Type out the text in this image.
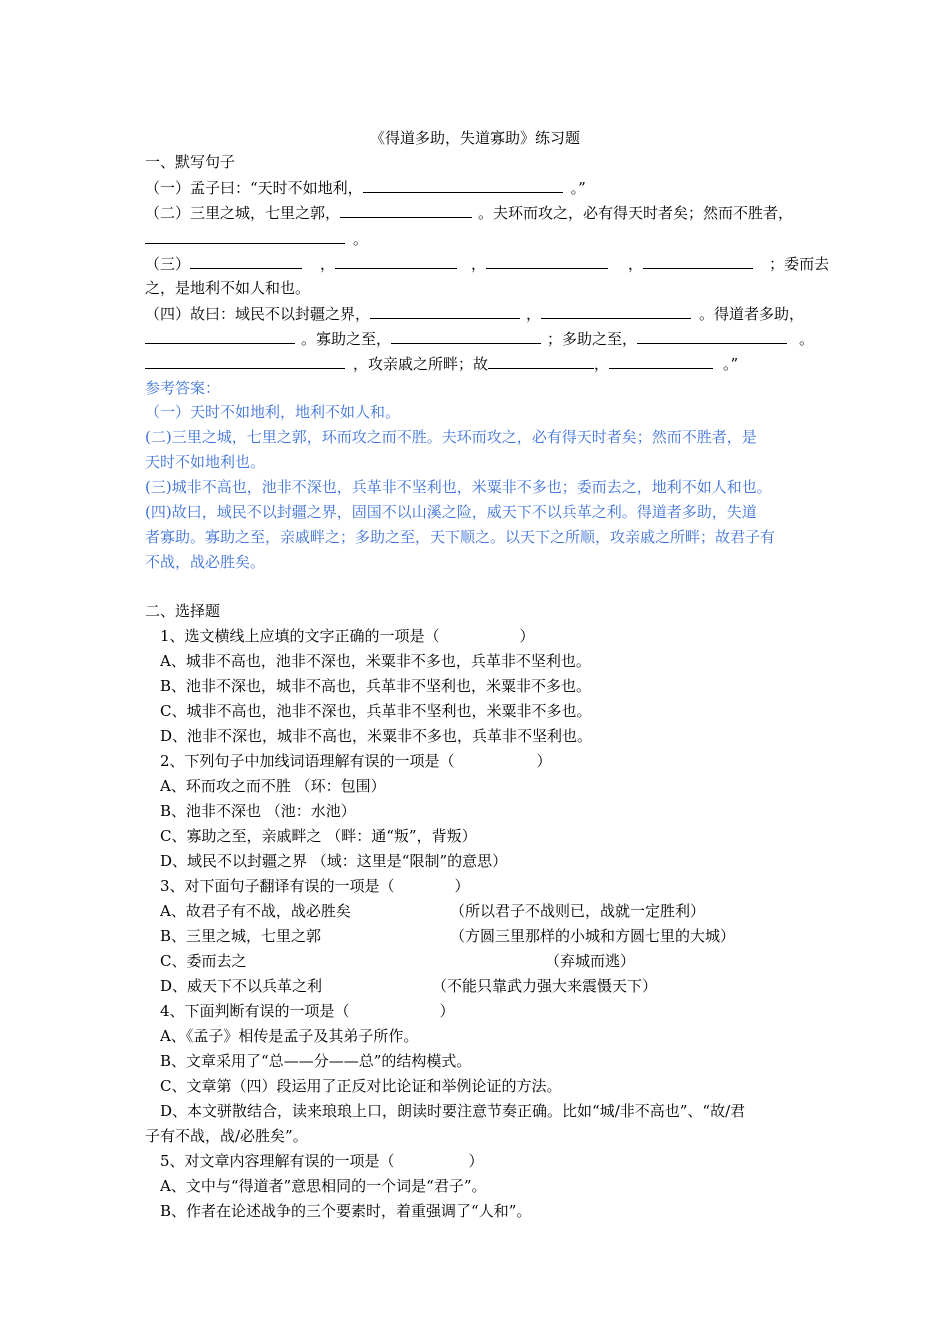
《得道多助，失道寡助》练习题
一、默写句子
（一）孟子曰：“天时不如地利，	。”
（二）三里之城，七里之郭，	。夫环而攻之，必有得天时者矣；然而不胜者，
。
（三）	，	，	，	；委而去
之，是地利不如人和也。
（四）故曰：域民不以封疆之界，	，	。得道者多助，
。寡助之至，	；多助之至，	。
，攻亲戚之所畔；故	，	。”
参考答案：
（一）天时不如地利，地利不如人和。
(二)三里之城，七里之郭，环而攻之而不胜。夫环而攻之，必有得天时者矣；然而不胜者，是
天时不如地利也。
(三)城非不高也，池非不深也，兵革非不坚利也，米粟非不多也；委而去之，地利不如人和也。
(四)故曰，域民不以封疆之界，固国不以山溪之险，威天下不以兵革之利。得道者多助，失道
者寡助。寡助之至，亲戚畔之；多助之至，天下顺之。以天下之所顺，攻亲戚之所畔；故君子有
不战，战必胜矣。
二、选择题
1、选文横线上应填的文字正确的一项是（	）
A、城非不高也，池非不深也，米粟非不多也，兵革非不坚利也。
B、池非不深也，城非不高也，兵革非不坚利也，米粟非不多也。
C、城非不高也，池非不深也，兵革非不坚利也，米粟非不多也。
D、池非不深也，城非不高也，米粟非不多也，兵革非不坚利也。
2、下列句子中加线词语理解有误的一项是（	）
A、环而攻之而不胜 （环：包围）
B、池非不深也 （池：水池）
C、寡助之至，亲戚畔之 （畔：通“叛”，背叛）
D、域民不以封疆之界 （域：这里是“限制”的意思）
3、对下面句子翻译有误的一项是（	）
A、故君子有不战，战必胜矣	（所以君子不战则已，战就一定胜利）
B、三里之城，七里之郭	（方圆三里那样的小城和方圆七里的大城）
C、委而去之	（弃城而逃）
D、威天下不以兵革之利	（不能只靠武力强大来震慑天下）
4、下面判断有误的一项是（	）
A、《孟子》相传是孟子及其弟子所作。
B、文章采用了“总——分——总”的结构模式。
C、文章第（四）段运用了正反对比论证和举例论证的方法。
D、本文骈散结合，读来琅琅上口，朗读时要注意节奏正确。比如“城/非不高也”、“故/君
子有不战，战/必胜矣”。
5、对文章内容理解有误的一项是（	）
A、文中与“得道者”意思相同的一个词是“君子”。
B、作者在论述战争的三个要素时，着重强调了“人和”。
